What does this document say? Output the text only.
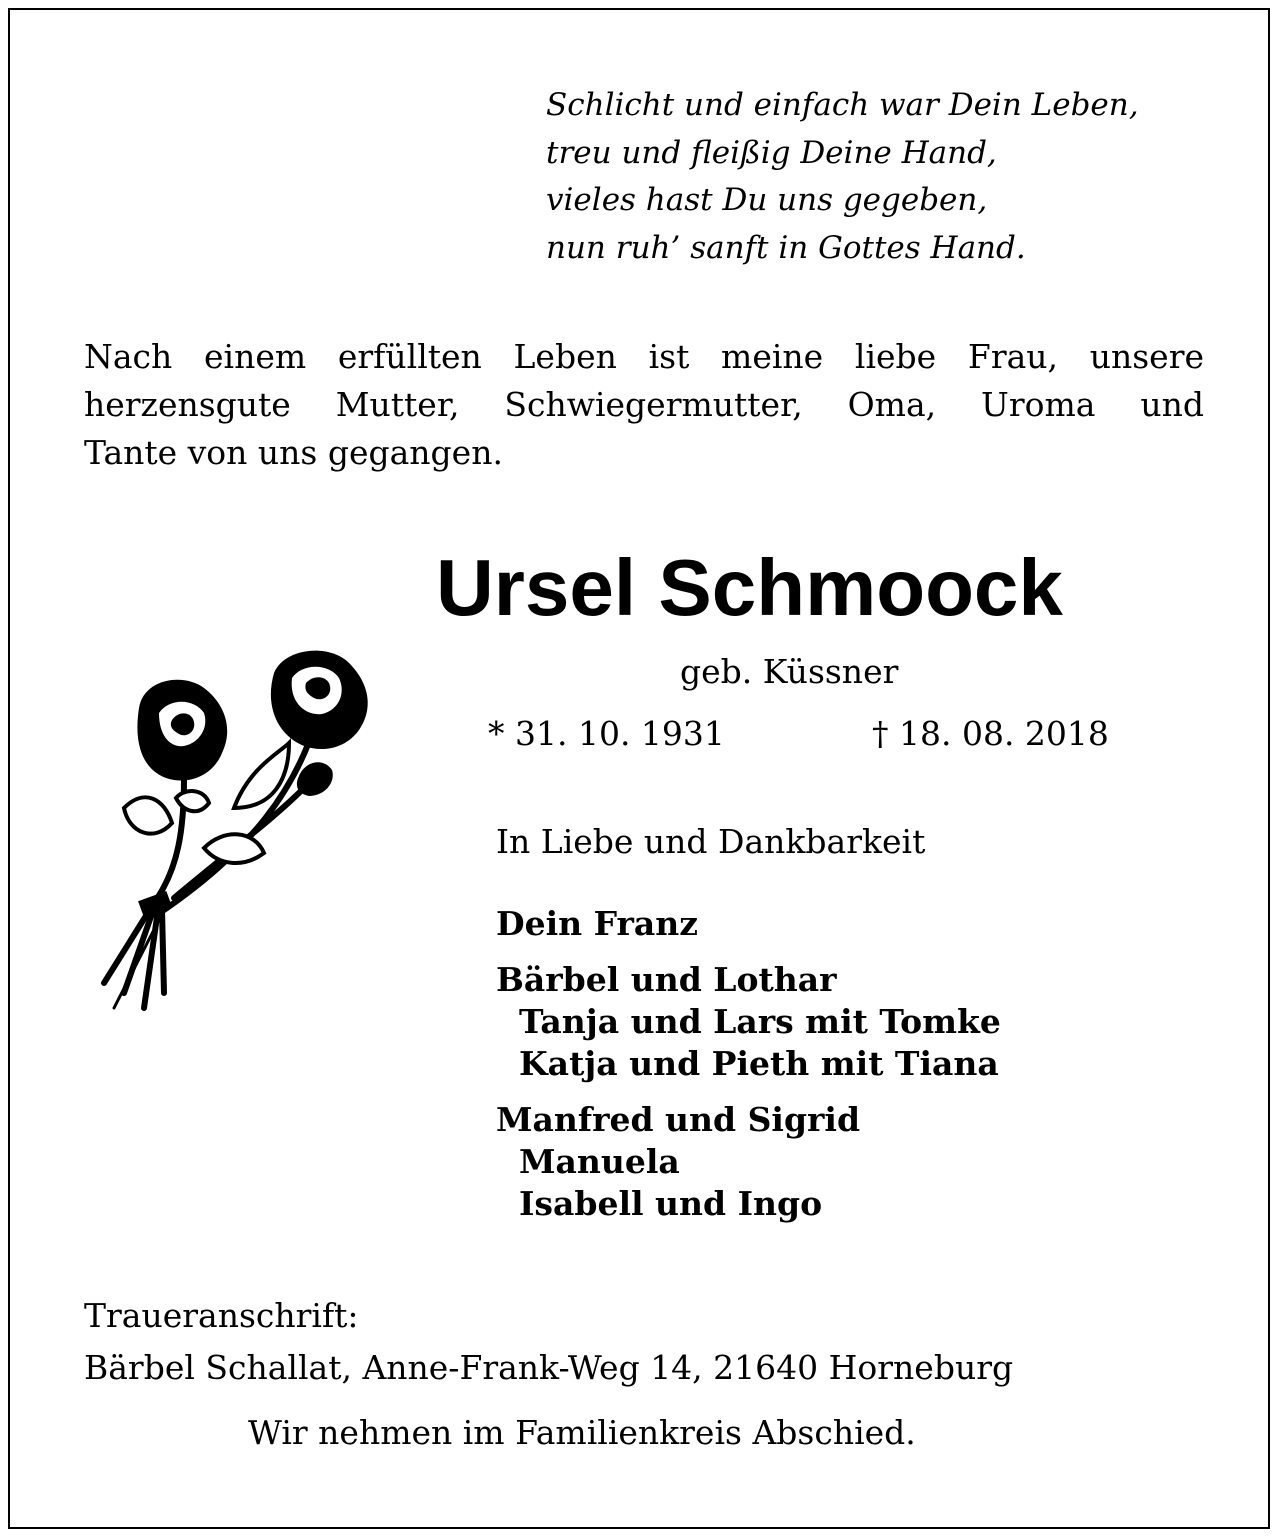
Schlicht und einfach war Dein Leben,
treu und fleißig Deine Hand,
vieles hast Du uns gegeben,
nun ruh’ sanft in Gottes Hand.
Nach einem erfüllten Leben ist meine liebe Frau, unsere
herzensgute Mutter, Schwiegermutter, Oma, Uroma und
Tante von uns gegangen.
Ursel Schmoock
geb. Küssner
* 31. 10. 1931	† 18. 08. 2018
In Liebe und Dankbarkeit
Dein Franz
Bärbel und Lothar
Tanja und Lars mit Tomke
Katja und Pieth mit Tiana
Manfred und Sigrid
Manuela
Isabell und Ingo
Traueranschrift:
Bärbel Schallat, Anne-Frank-Weg 14, 21640 Horneburg
Wir nehmen im Familienkreis Abschied.
